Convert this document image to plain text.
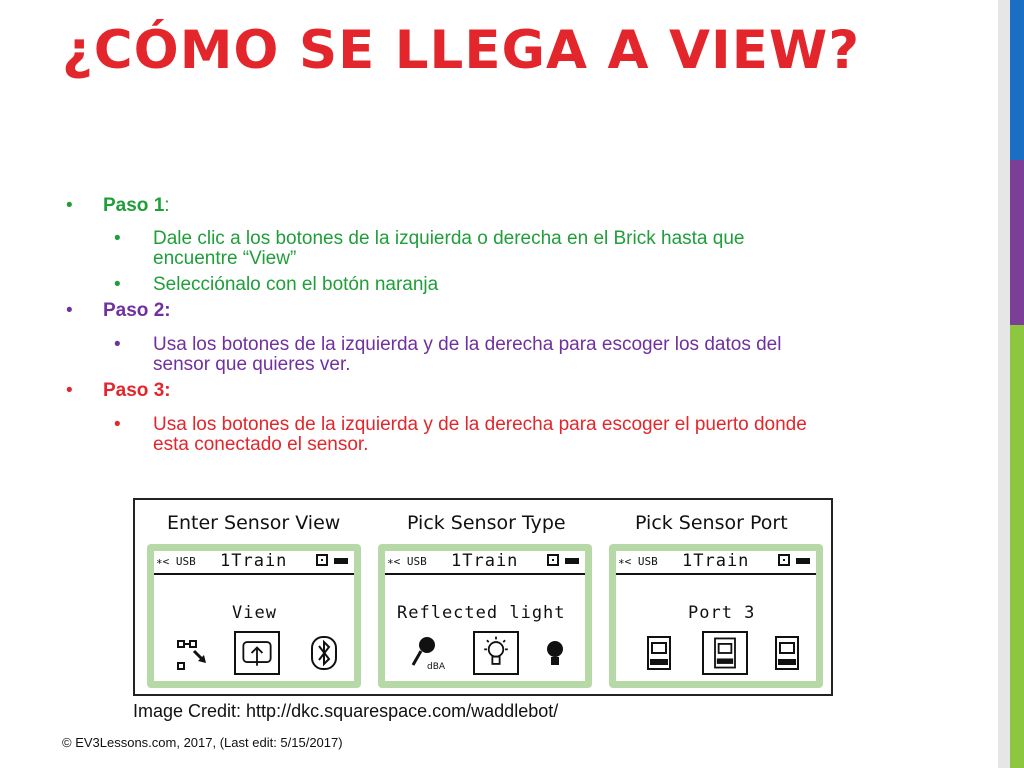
¿CÓMO SE LLEGA A VIEW?
• Paso 1:
• Dale clic a los botones de la izquierda o derecha en el Brick hasta que
encuentre “View”
• Selecciónalo con el botón naranja
• Paso 2:
• Usa los botones de la izquierda y de la derecha para escoger los datos del
sensor que quieres ver.
• Paso 3:
• Usa los botones de la izquierda y de la derecha para escoger el puerto donde
esta conectado el sensor.
Enter Sensor View
∗< USB 1Train
View
Pick Sensor Type
∗< USB 1Train
Reflected light
dBA
Pick Sensor Port
∗< USB 1Train
Port 3
Image Credit: http://dkc.squarespace.com/waddlebot/
© EV3Lessons.com, 2017, (Last edit: 5/15/2017)
